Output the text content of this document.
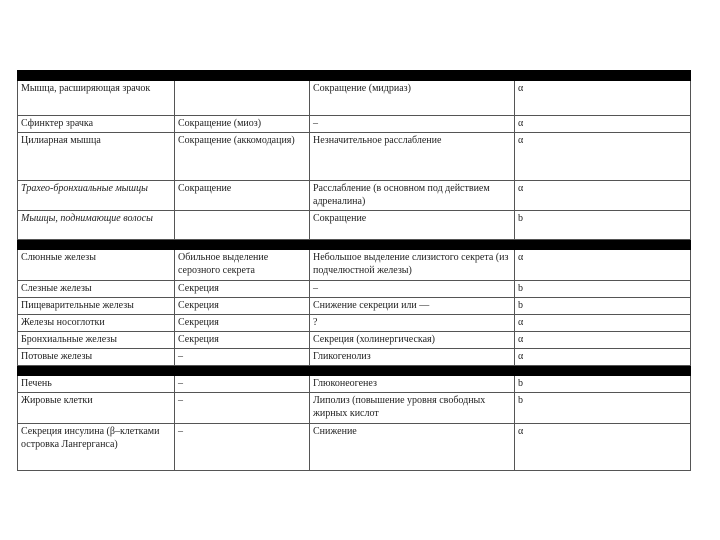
Мышца, расширяющая зрачок		Сокращение (мидриаз)	α
Сфинктер зрачка	Сокращение (миоз)	–	α
Цилиарная мышца	Сокращение (аккомодация)	Незначительное расслабление	α
Трахео-бронхиальные мышцы	Сокращение	Расслабление (в основном под действием адреналина)	α
Мышцы, поднимающие волосы		Сокращение	b

Слюнные железы	Обильное выделение серозного секрета	Небольшое выделение слизистого секрета (из подчелюстной железы)	α
Слезные железы	Секреция	–	b
Пищеварительные железы	Секреция	Снижение секреции или —	b
Железы носоглотки	Секреция	?	α
Бронхиальные железы	Секреция	Секреция (холинергическая)	α
Потовые железы	–	Гликогенолиз	α

Печень	–	Глюконеогенез	b
Жировые клетки	–	Липолиз (повышение уровня свободных жирных кислот	b
Секреция инсулина (β–клетками островка Лангерганса)	–	Снижение	α
